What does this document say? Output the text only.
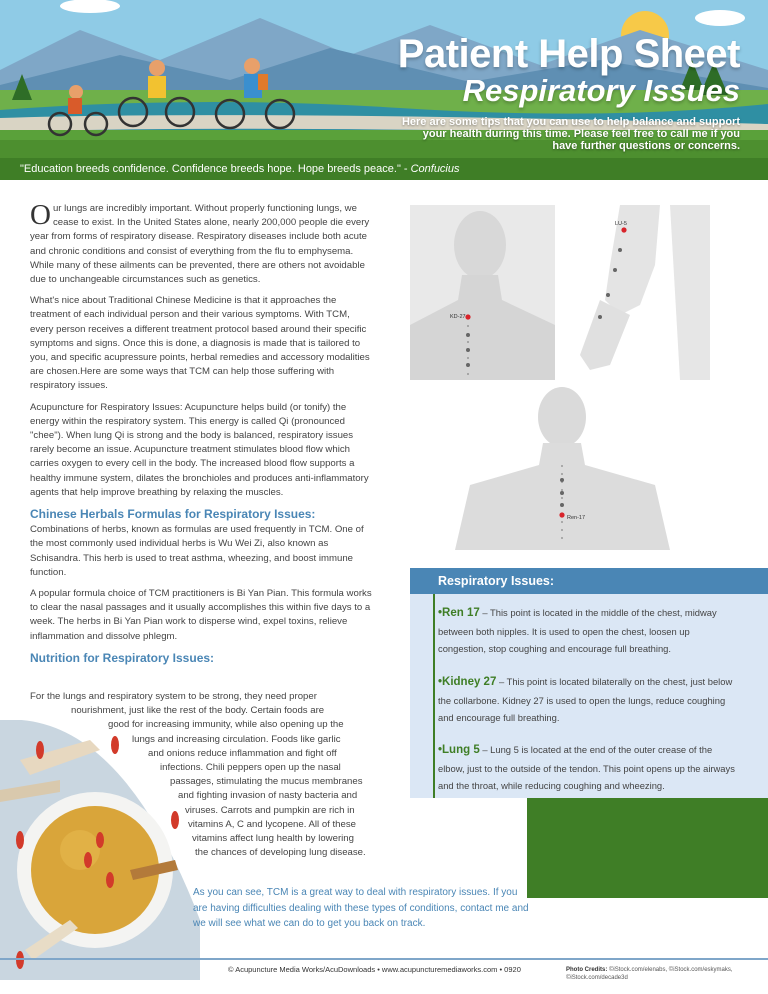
Patient Help Sheet
Respiratory Issues
Here are some tips that you can use to help balance and support your health during this time. Please feel free to call me if you have further questions or concerns.
"Education breeds confidence. Confidence breeds hope. Hope breeds peace." - Confucius

Our lungs are incredibly important. Without properly functioning lungs, we cease to exist. In the United States alone, nearly 200,000 people die every year from forms of respiratory disease. Respiratory diseases include both acute and chronic conditions and consist of everything from the flu to emphysema. While many of these ailments can be prevented, there are others not avoidable due to unchangeable circumstances such as genetics.

What's nice about Traditional Chinese Medicine is that it approaches the treatment of each individual person and their various symptoms. With TCM, every person receives a different treatment protocol based around their specific symptoms and signs. Once this is done, a diagnosis is made that is tailored to you, and specific acupressure points, herbal remedies and accessory modalities are chosen.Here are some ways that TCM can help those suffering with respiratory issues.

Acupuncture for Respiratory Issues: Acupuncture helps build (or tonify) the energy within the respiratory system. This energy is called Qi (pronounced "chee"). When lung Qi is strong and the body is balanced, respiratory issues rarely become an issue. Acupuncture treatment stimulates blood flow which carries oxygen to every cell in the body. The increased blood flow supports a healthy immune system, dilates the bronchioles and produces anti-inflammatory agents that help improve breathing by relaxing the muscles.

Chinese Herbals Formulas for Respiratory Issues:

Combinations of herbs, known as formulas are used frequently in TCM. One of the most commonly used individual herbs is Wu Wei Zi, also known as Schisandra. This herb is used to treat asthma, wheezing, and boost immune function.

A popular formula choice of TCM practitioners is Bi Yan Pian. This formula works to clear the nasal passages and it usually accomplishes this within five days to a week. The herbs in Bi Yan Pian work to disperse wind, expel toxins, relieve inflammation and dissolve phlegm.

Nutrition for Respiratory Issues:
For the lungs and respiratory system to be strong, they need proper
nourishment, just like the rest of the body. Certain foods are
good for increasing immunity, while also opening up the
lungs and increasing circulation. Foods like garlic
and onions reduce inflammation and fight off
infections. Chili peppers open up the nasal
passages, stimulating the mucus membranes
and fighting invasion of nasty bacteria and
viruses. Carrots and pumpkin are rich in
vitamins A, C and lycopene. All of these
vitamins affect lung health by lowering
the chances of developing lung disease.
As you can see, TCM is a great way to deal with respiratory issues. If you are having difficulties dealing with these types of conditions, contact me and we will see what we can do to get you back on track.
KD-27
LU-5
Ren-17
Respiratory Issues:
•Ren 17 – This point is located in the middle of the chest, midway between both nipples. It is used to open the chest, loosen up congestion, stop coughing and encourage full breathing.
•Kidney 27 – This point is located bilaterally on the chest, just below the collarbone. Kidney 27 is used to open the lungs, reduce coughing and encourage full breathing.
•Lung 5 – Lung 5 is located at the end of the outer crease of the elbow, just to the outside of the tendon. This point opens up the airways and the throat, while reducing coughing and wheezing.
© Acupuncture Media Works/AcuDownloads • www.acupuncturemediaworks.com • 0920	Photo Credits: ©iStock.com/elenabs, ©iStock.com/eskymaks, ©iStock.com/decade3d
